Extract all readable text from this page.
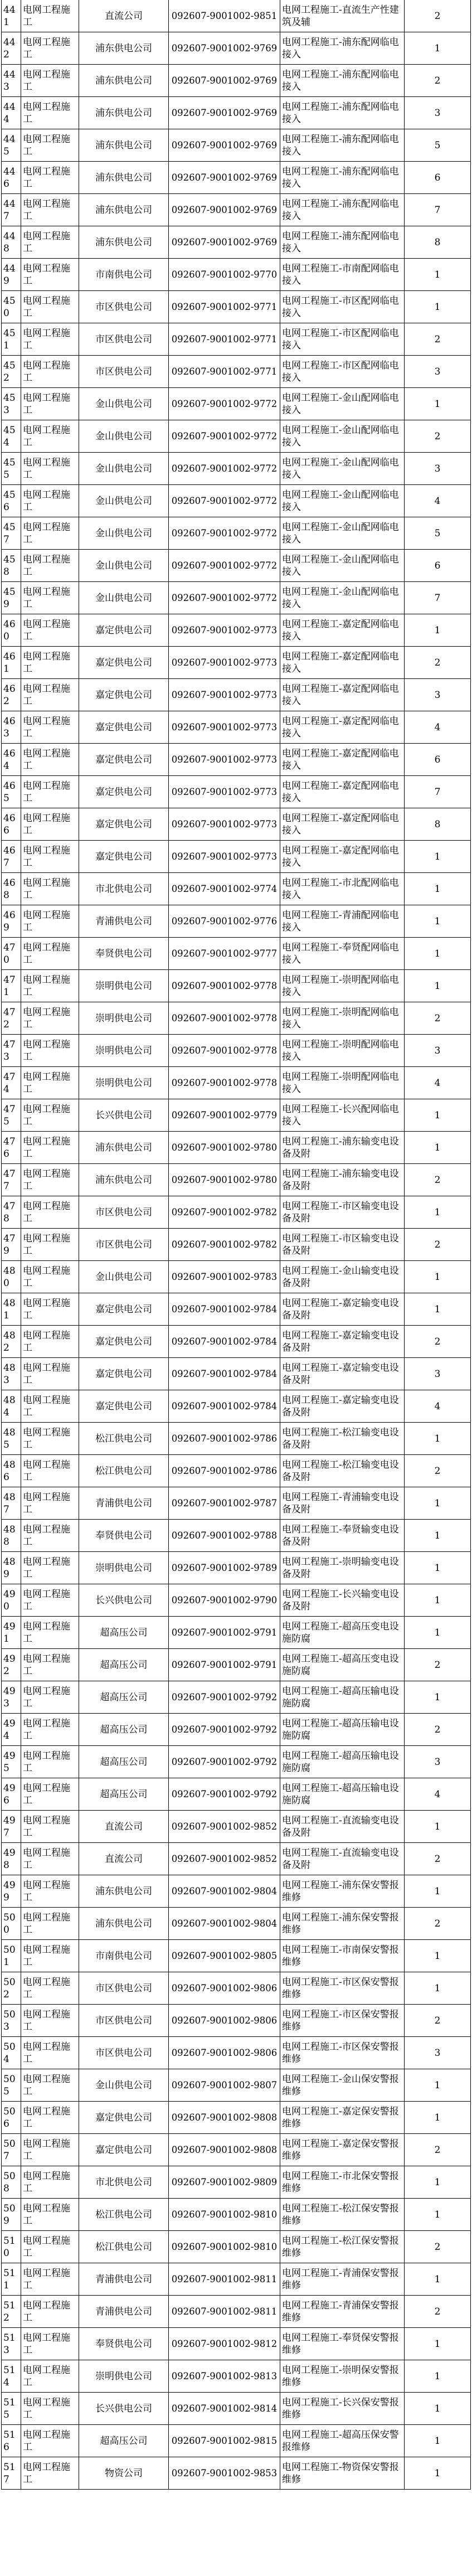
441	电网工程施工	直流公司	092607-9001002-9851	电网工程施工-直流生产性建筑及辅	2
442	电网工程施工	浦东供电公司	092607-9001002-9769	电网工程施工-浦东配网临电接入	1
443	电网工程施工	浦东供电公司	092607-9001002-9769	电网工程施工-浦东配网临电接入	2
444	电网工程施工	浦东供电公司	092607-9001002-9769	电网工程施工-浦东配网临电接入	3
445	电网工程施工	浦东供电公司	092607-9001002-9769	电网工程施工-浦东配网临电接入	5
446	电网工程施工	浦东供电公司	092607-9001002-9769	电网工程施工-浦东配网临电接入	6
447	电网工程施工	浦东供电公司	092607-9001002-9769	电网工程施工-浦东配网临电接入	7
448	电网工程施工	浦东供电公司	092607-9001002-9769	电网工程施工-浦东配网临电接入	8
449	电网工程施工	市南供电公司	092607-9001002-9770	电网工程施工-市南配网临电接入	1
450	电网工程施工	市区供电公司	092607-9001002-9771	电网工程施工-市区配网临电接入	1
451	电网工程施工	市区供电公司	092607-9001002-9771	电网工程施工-市区配网临电接入	2
452	电网工程施工	市区供电公司	092607-9001002-9771	电网工程施工-市区配网临电接入	3
453	电网工程施工	金山供电公司	092607-9001002-9772	电网工程施工-金山配网临电接入	1
454	电网工程施工	金山供电公司	092607-9001002-9772	电网工程施工-金山配网临电接入	2
455	电网工程施工	金山供电公司	092607-9001002-9772	电网工程施工-金山配网临电接入	3
456	电网工程施工	金山供电公司	092607-9001002-9772	电网工程施工-金山配网临电接入	4
457	电网工程施工	金山供电公司	092607-9001002-9772	电网工程施工-金山配网临电接入	5
458	电网工程施工	金山供电公司	092607-9001002-9772	电网工程施工-金山配网临电接入	6
459	电网工程施工	金山供电公司	092607-9001002-9772	电网工程施工-金山配网临电接入	7
460	电网工程施工	嘉定供电公司	092607-9001002-9773	电网工程施工-嘉定配网临电接入	1
461	电网工程施工	嘉定供电公司	092607-9001002-9773	电网工程施工-嘉定配网临电接入	2
462	电网工程施工	嘉定供电公司	092607-9001002-9773	电网工程施工-嘉定配网临电接入	3
463	电网工程施工	嘉定供电公司	092607-9001002-9773	电网工程施工-嘉定配网临电接入	4
464	电网工程施工	嘉定供电公司	092607-9001002-9773	电网工程施工-嘉定配网临电接入	6
465	电网工程施工	嘉定供电公司	092607-9001002-9773	电网工程施工-嘉定配网临电接入	7
466	电网工程施工	嘉定供电公司	092607-9001002-9773	电网工程施工-嘉定配网临电接入	8
467	电网工程施工	嘉定供电公司	092607-9001002-9773	电网工程施工-嘉定配网临电接入	1
468	电网工程施工	市北供电公司	092607-9001002-9774	电网工程施工-市北配网临电接入	1
469	电网工程施工	青浦供电公司	092607-9001002-9776	电网工程施工-青浦配网临电接入	1
470	电网工程施工	奉贤供电公司	092607-9001002-9777	电网工程施工-奉贤配网临电接入	1
471	电网工程施工	崇明供电公司	092607-9001002-9778	电网工程施工-崇明配网临电接入	1
472	电网工程施工	崇明供电公司	092607-9001002-9778	电网工程施工-崇明配网临电接入	2
473	电网工程施工	崇明供电公司	092607-9001002-9778	电网工程施工-崇明配网临电接入	3
474	电网工程施工	崇明供电公司	092607-9001002-9778	电网工程施工-崇明配网临电接入	4
475	电网工程施工	长兴供电公司	092607-9001002-9779	电网工程施工-长兴配网临电接入	1
476	电网工程施工	浦东供电公司	092607-9001002-9780	电网工程施工-浦东输变电设备及附	1
477	电网工程施工	浦东供电公司	092607-9001002-9780	电网工程施工-浦东输变电设备及附	2
478	电网工程施工	市区供电公司	092607-9001002-9782	电网工程施工-市区输变电设备及附	1
479	电网工程施工	市区供电公司	092607-9001002-9782	电网工程施工-市区输变电设备及附	2
480	电网工程施工	金山供电公司	092607-9001002-9783	电网工程施工-金山输变电设备及附	1
481	电网工程施工	嘉定供电公司	092607-9001002-9784	电网工程施工-嘉定输变电设备及附	1
482	电网工程施工	嘉定供电公司	092607-9001002-9784	电网工程施工-嘉定输变电设备及附	2
483	电网工程施工	嘉定供电公司	092607-9001002-9784	电网工程施工-嘉定输变电设备及附	3
484	电网工程施工	嘉定供电公司	092607-9001002-9784	电网工程施工-嘉定输变电设备及附	4
485	电网工程施工	松江供电公司	092607-9001002-9786	电网工程施工-松江输变电设备及附	1
486	电网工程施工	松江供电公司	092607-9001002-9786	电网工程施工-松江输变电设备及附	2
487	电网工程施工	青浦供电公司	092607-9001002-9787	电网工程施工-青浦输变电设备及附	1
488	电网工程施工	奉贤供电公司	092607-9001002-9788	电网工程施工-奉贤输变电设备及附	1
489	电网工程施工	崇明供电公司	092607-9001002-9789	电网工程施工-崇明输变电设备及附	1
490	电网工程施工	长兴供电公司	092607-9001002-9790	电网工程施工-长兴输变电设备及附	1
491	电网工程施工	超高压公司	092607-9001002-9791	电网工程施工-超高压变电设施防腐	1
492	电网工程施工	超高压公司	092607-9001002-9791	电网工程施工-超高压变电设施防腐	2
493	电网工程施工	超高压公司	092607-9001002-9792	电网工程施工-超高压输电设施防腐	1
494	电网工程施工	超高压公司	092607-9001002-9792	电网工程施工-超高压输电设施防腐	2
495	电网工程施工	超高压公司	092607-9001002-9792	电网工程施工-超高压输电设施防腐	3
496	电网工程施工	超高压公司	092607-9001002-9792	电网工程施工-超高压输电设施防腐	4
497	电网工程施工	直流公司	092607-9001002-9852	电网工程施工-直流输变电设备及附	1
498	电网工程施工	直流公司	092607-9001002-9852	电网工程施工-直流输变电设备及附	2
499	电网工程施工	浦东供电公司	092607-9001002-9804	电网工程施工-浦东保安警报维修	1
500	电网工程施工	浦东供电公司	092607-9001002-9804	电网工程施工-浦东保安警报维修	2
501	电网工程施工	市南供电公司	092607-9001002-9805	电网工程施工-市南保安警报维修	1
502	电网工程施工	市区供电公司	092607-9001002-9806	电网工程施工-市区保安警报维修	1
503	电网工程施工	市区供电公司	092607-9001002-9806	电网工程施工-市区保安警报维修	2
504	电网工程施工	市区供电公司	092607-9001002-9806	电网工程施工-市区保安警报维修	3
505	电网工程施工	金山供电公司	092607-9001002-9807	电网工程施工-金山保安警报维修	1
506	电网工程施工	嘉定供电公司	092607-9001002-9808	电网工程施工-嘉定保安警报维修	1
507	电网工程施工	嘉定供电公司	092607-9001002-9808	电网工程施工-嘉定保安警报维修	2
508	电网工程施工	市北供电公司	092607-9001002-9809	电网工程施工-市北保安警报维修	1
509	电网工程施工	松江供电公司	092607-9001002-9810	电网工程施工-松江保安警报维修	1
510	电网工程施工	松江供电公司	092607-9001002-9810	电网工程施工-松江保安警报维修	2
511	电网工程施工	青浦供电公司	092607-9001002-9811	电网工程施工-青浦保安警报维修	1
512	电网工程施工	青浦供电公司	092607-9001002-9811	电网工程施工-青浦保安警报维修	2
513	电网工程施工	奉贤供电公司	092607-9001002-9812	电网工程施工-奉贤保安警报维修	1
514	电网工程施工	崇明供电公司	092607-9001002-9813	电网工程施工-崇明保安警报维修	1
515	电网工程施工	长兴供电公司	092607-9001002-9814	电网工程施工-长兴保安警报维修	1
516	电网工程施工	超高压公司	092607-9001002-9815	电网工程施工-超高压保安警报维修	1
517	电网工程施工	物资公司	092607-9001002-9853	电网工程施工-物资保安警报维修	1
